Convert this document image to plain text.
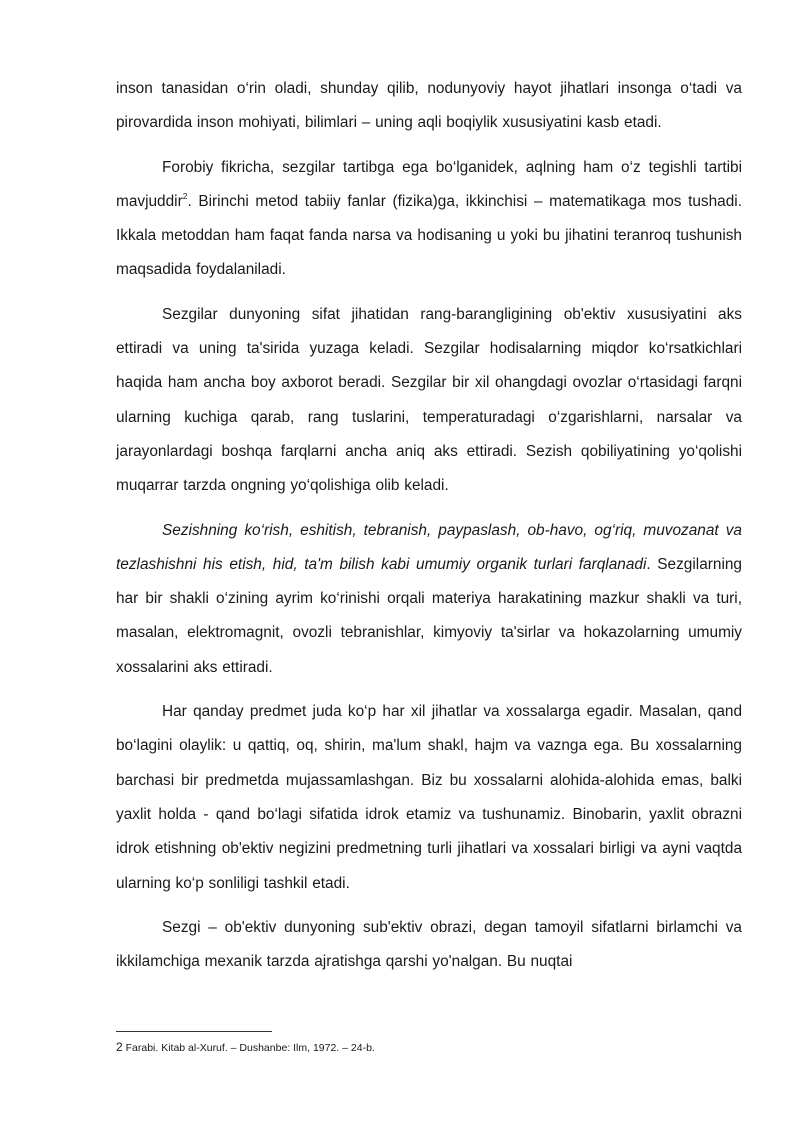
inson tanasidan o‘rin oladi, shunday qilib, nodunyoviy hayot jihatlari insonga o‘tadi va pirovardida inson mohiyati, bilimlari – uning aqli boqiylik xususiyatini kasb etadi.

Forobiy fikricha, sezgilar tartibga ega bo‘lganidek, aqlning ham o‘z tegishli tartibi mavjuddir$^2$. Birinchi metod tabiiy fanlar (fizika)ga, ikkinchisi – matematikaga mos tushadi. Ikkala metoddan ham faqat fanda narsa va hodisaning u yoki bu jihatini teranroq tushunish maqsadida foydalaniladi.

Sezgilar dunyoning sifat jihatidan rang-barangligining ob'ektiv xususiyatini aks ettiradi va uning ta'sirida yuzaga keladi. Sezgilar hodisalarning miqdor ko‘rsatkichlari haqida ham ancha boy axborot beradi. Sezgilar bir xil ohangdagi ovozlar o‘rtasidagi farqni ularning kuchiga qarab, rang tuslarini, temperaturadagi o‘zgarishlarni, narsalar va jarayonlardagi boshqa farqlarni ancha aniq aks ettiradi. Sezish qobiliyatining yo‘qolishi muqarrar tarzda ongning yo‘qolishiga olib keladi.

Sezishning ko‘rish, eshitish, tebranish, paypaslash, ob-havo, og‘riq, muvozanat va tezlashishni his etish, hid, ta'm bilish kabi umumiy organik turlari farqlanadi. Sezgilarning har bir shakli o‘zining ayrim ko‘rinishi orqali materiya harakatining mazkur shakli va turi, masalan, elektromagnit, ovozli tebranishlar, kimyoviy ta'sirlar va hokazolarning umumiy xossalarini aks ettiradi.

Har qanday predmet juda ko‘p har xil jihatlar va xossalarga egadir. Masalan, qand bo‘lagini olaylik: u qattiq, oq, shirin, ma'lum shakl, hajm va vaznga ega. Bu xossalarning barchasi bir predmetda mujassamlashgan. Biz bu xossalarni alohida-alohida emas, balki yaxlit holda - qand bo‘lagi sifatida idrok etamiz va tushunamiz. Binobarin, yaxlit obrazni idrok etishning ob'ektiv negizini predmetning turli jihatlari va xossalari birligi va ayni vaqtda ularning ko‘p sonliligi tashkil etadi.

Sezgi – ob'ektiv dunyoning sub'ektiv obrazi, degan tamoyil sifatlarni birlamchi va ikkilamchiga mexanik tarzda ajratishga qarshi yo'nalgan. Bu nuqtai

2 Farabi. Kitab al-Xuruf. – Dushanbe: Ilm, 1972. – 24-b.
